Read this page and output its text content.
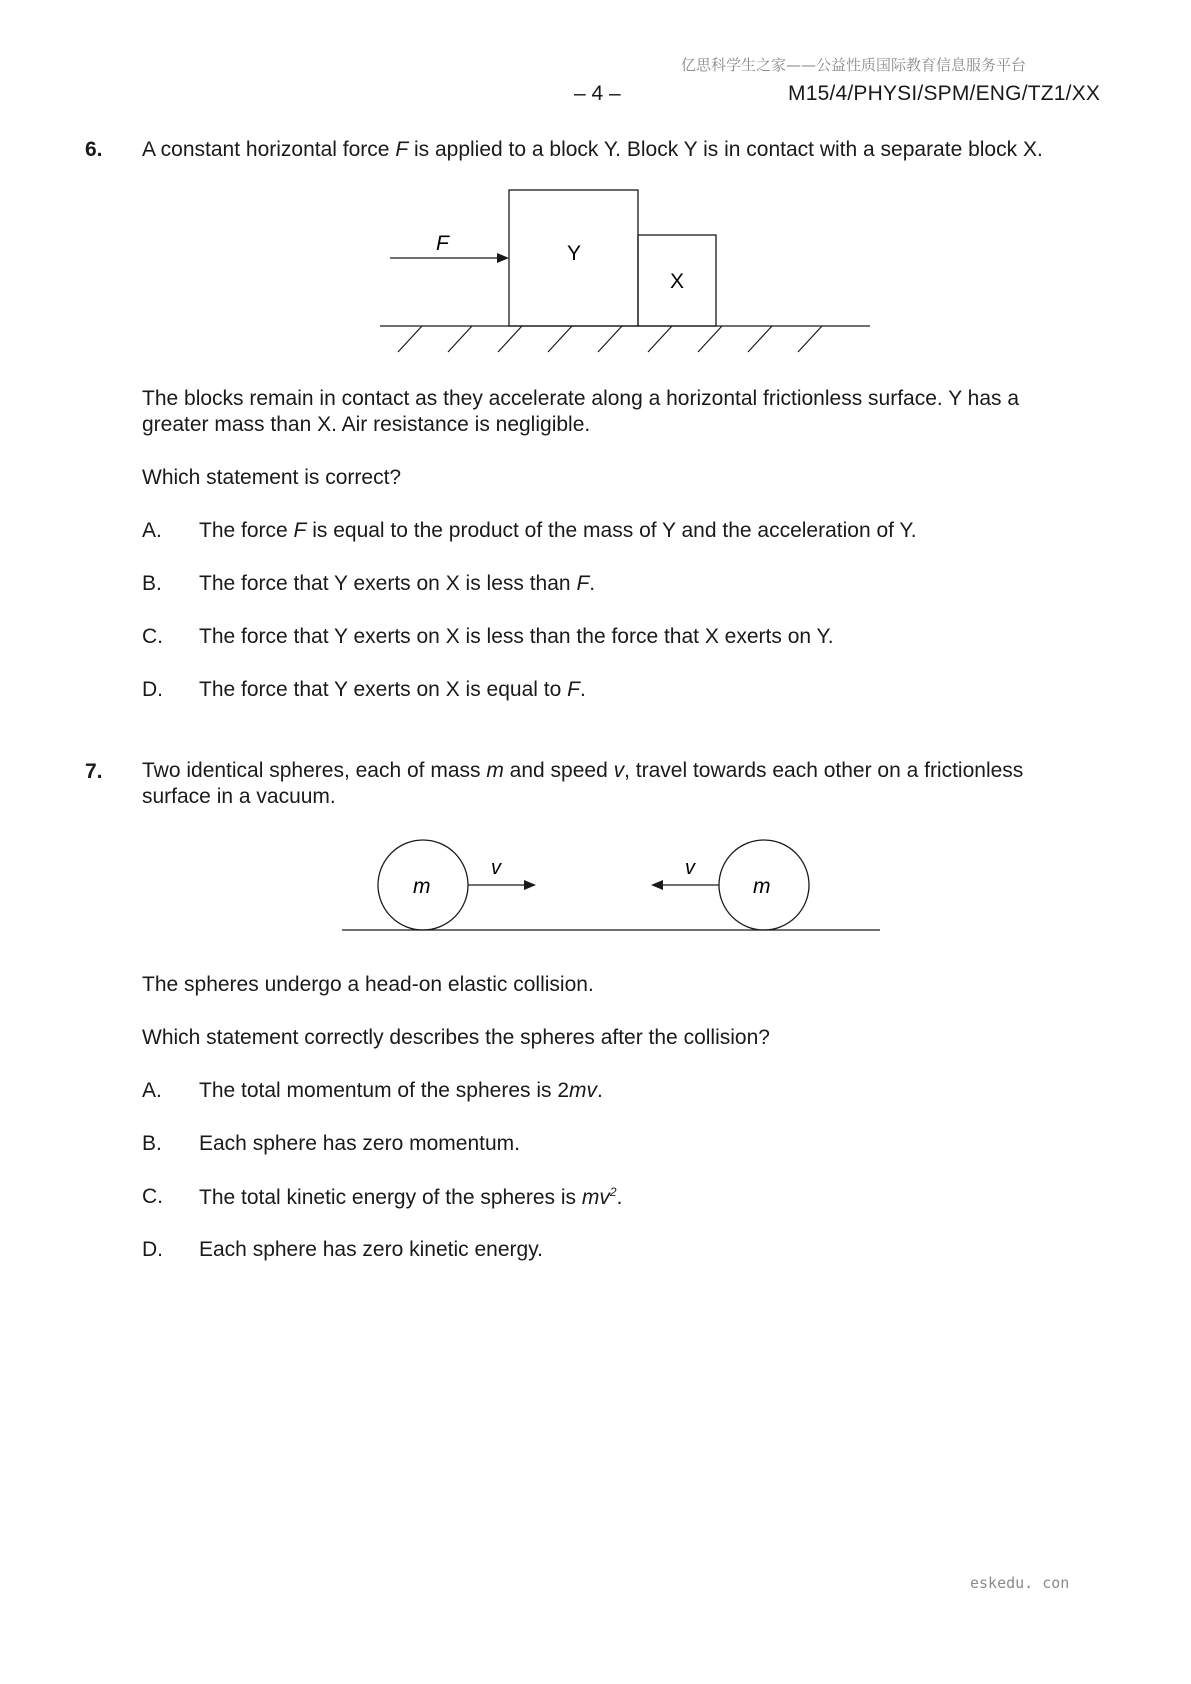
亿思科学生之家——公益性质国际教育信息服务平台
– 4 –	M15/4/PHYSI/SPM/ENG/TZ1/XX
6. A constant horizontal force F is applied to a block Y. Block Y is in contact with a separate block X.
F	Y
X
The blocks remain in contact as they accelerate along a horizontal frictionless surface. Y has a
greater mass than X. Air resistance is negligible.
Which statement is correct?
A. The force F is equal to the product of the mass of Y and the acceleration of Y.
B. The force that Y exerts on X is less than F.
C. The force that Y exerts on X is less than the force that X exerts on Y.
D. The force that Y exerts on X is equal to F.
7. Two identical spheres, each of mass m and speed v, travel towards each other on a frictionless
surface in a vacuum.
m	m
v	v
The spheres undergo a head-on elastic collision.
Which statement correctly describes the spheres after the collision?
A. The total momentum of the spheres is 2mv.
B. Each sphere has zero momentum.
C. The total kinetic energy of the spheres is $mv^2$.
D. Each sphere has zero kinetic energy.
eskedu. con
